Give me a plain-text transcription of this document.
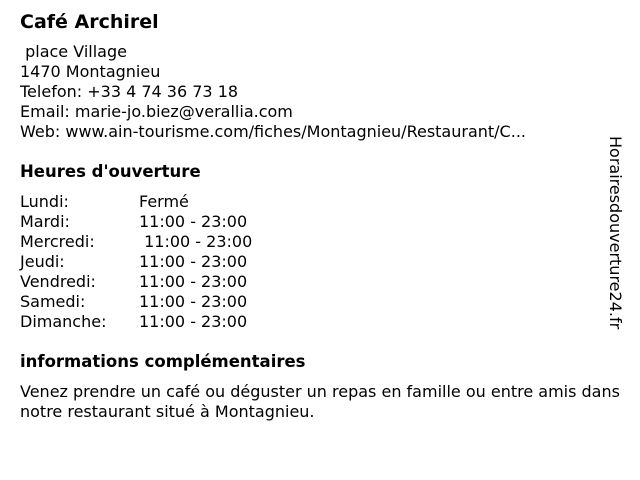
Café Archirel
place Village
1470 Montagnieu
Telefon: +33 4 74 36 73 18
Email: marie-jo.biez@verallia.com
Web: www.ain-tourisme.com/fiches/Montagnieu/Restaurant/C...
Heures d'ouverture
Lundi:	Fermé
Mardi:	11:00 - 23:00
Mercredi:	11:00 - 23:00
Jeudi:	11:00 - 23:00
Vendredi:	11:00 - 23:00
Samedi:	11:00 - 23:00
Dimanche:	11:00 - 23:00
informations complémentaires

Venez prendre un café ou déguster un repas en famille ou entre amis dans notre restaurant situé à Montagnieu.

Horairesdouverture24.fr
